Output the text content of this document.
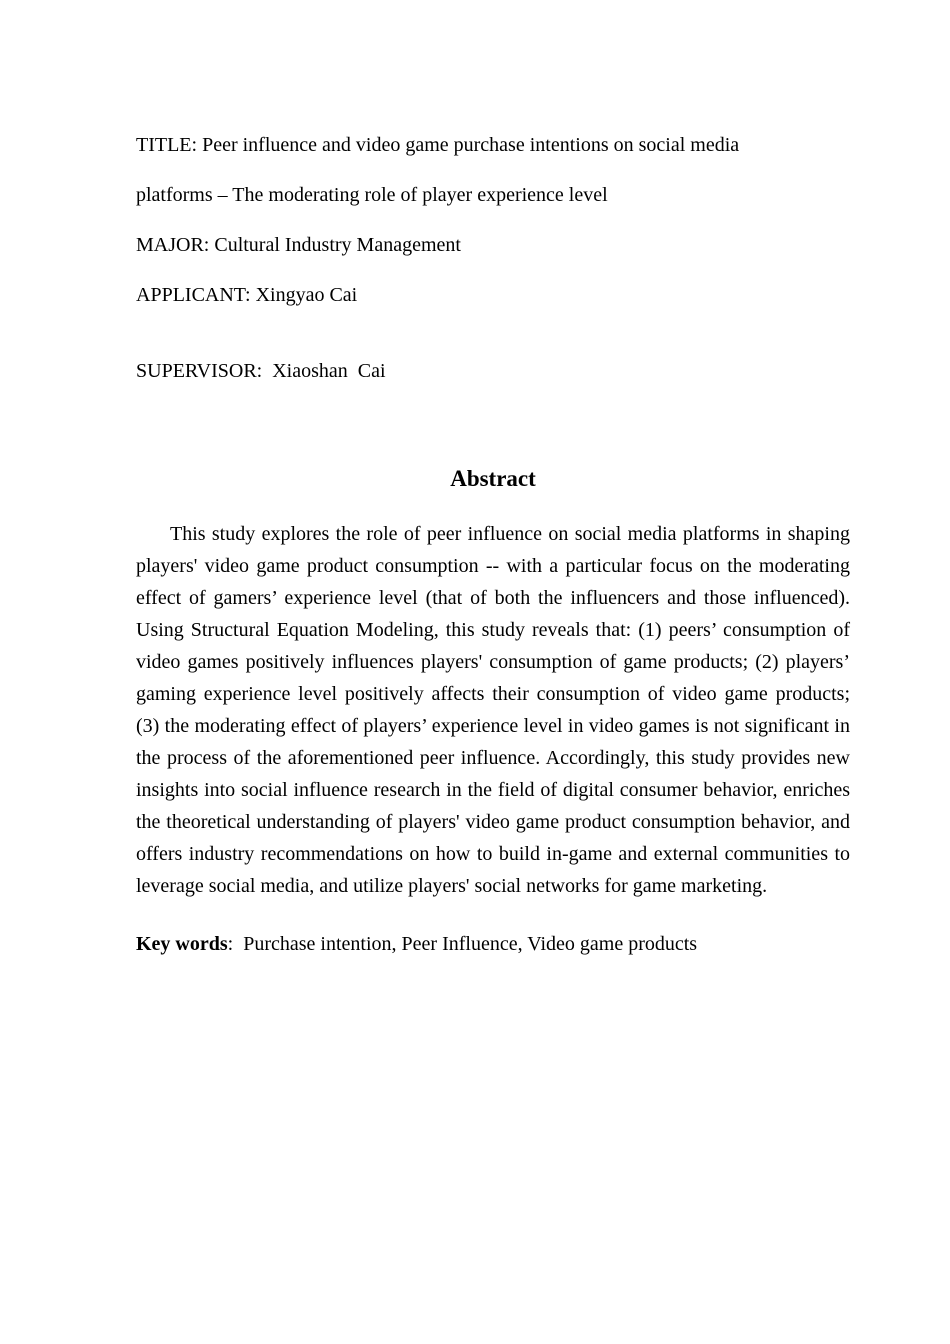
TITLE: Peer influence and video game purchase intentions on social media

platforms – The moderating role of player experience level

MAJOR: Cultural Industry Management

APPLICANT: Xingyao Cai

SUPERVISOR:  Xiaoshan  Cai

Abstract

This study explores the role of peer influence on social media platforms in shaping players' video game product consumption -- with a particular focus on the moderating effect of gamers’ experience level (that of both the influencers and those influenced). Using Structural Equation Modeling, this study reveals that: (1) peers’ consumption of video games positively influences players' consumption of game products; (2) players’ gaming experience level positively affects their consumption of video game products; (3) the moderating effect of players’ experience level in video games is not significant in the process of the aforementioned peer influence. Accordingly, this study provides new insights into social influence research in the field of digital consumer behavior, enriches the theoretical understanding of players' video game product consumption behavior, and offers industry recommendations on how to build in-game and external communities to leverage social media, and utilize players' social networks for game marketing.

Key words: Purchase intention, Peer Influence, Video game products
